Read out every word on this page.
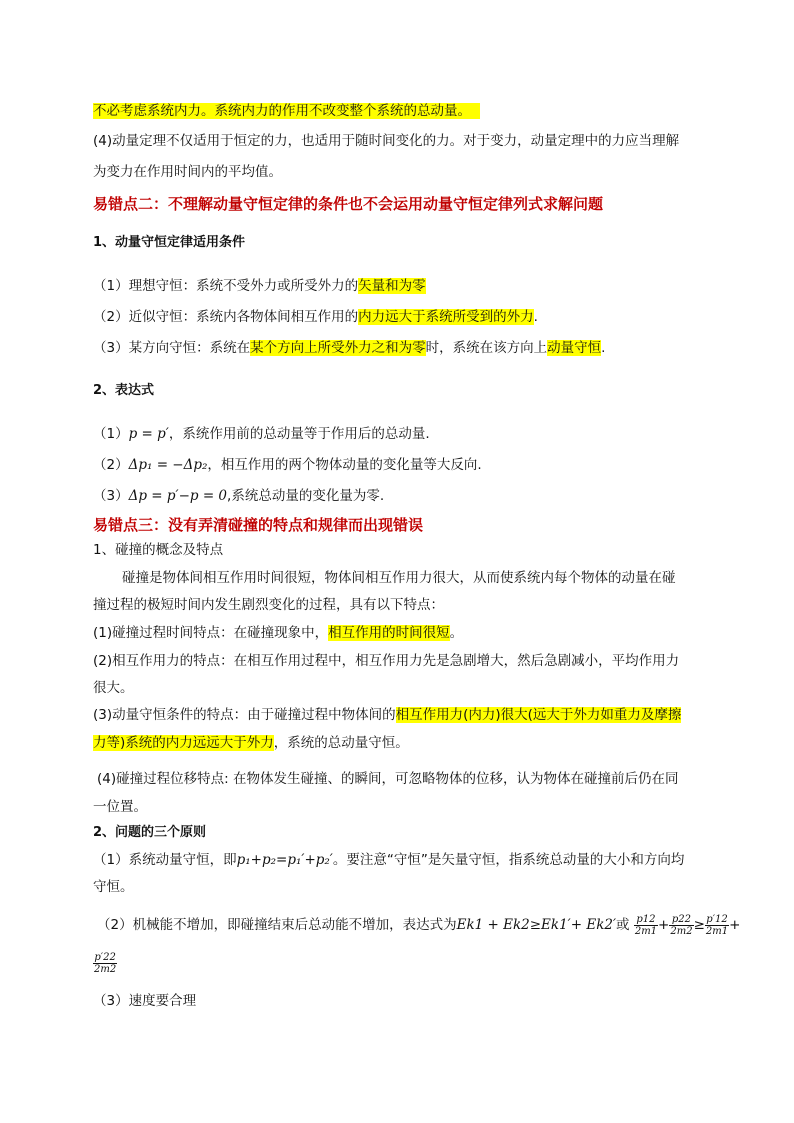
不必考虑系统内力。系统内力的作用不改变整个系统的总动量。
(4)动量定理不仅适用于恒定的力，也适用于随时间变化的力。对于变力，动量定理中的力应当理解
为变力在作用时间内的平均值。
易错点二：不理解动量守恒定律的条件也不会运用动量守恒定律列式求解问题
1、动量守恒定律适用条件
（1）理想守恒：系统不受外力或所受外力的矢量和为零
（2）近似守恒：系统内各物体间相互作用的内力远大于系统所受到的外力.
（3）某方向守恒：系统在某个方向上所受外力之和为零时，系统在该方向上动量守恒.
2、表达式
（1）p = p′，系统作用前的总动量等于作用后的总动量.
（2）Δp₁ = −Δp₂，相互作用的两个物体动量的变化量等大反向.
（3）Δp = p′−p = 0,系统总动量的变化量为零.
易错点三：没有弄清碰撞的特点和规律而出现错误
1、碰撞的概念及特点
碰撞是物体间相互作用时间很短，物体间相互作用力很大，从而使系统内每个物体的动量在碰
撞过程的极短时间内发生剧烈变化的过程，具有以下特点：
(1)碰撞过程时间特点：在碰撞现象中，相互作用的时间很短。
(2)相互作用力的特点：在相互作用过程中，相互作用力先是急剧增大，然后急剧减小，平均作用力
很大。
(3)动量守恒条件的特点：由于碰撞过程中物体间的相互作用力(内力)很大(远大于外力如重力及摩擦
力等)系统的内力远远大于外力，系统的总动量守恒。
(4)碰撞过程位移特点: 在物体发生碰撞、的瞬间，可忽略物体的位移，认为物体在碰撞前后仍在同
一位置。
2、问题的三个原则
（1）系统动量守恒，即p₁+p₂=p₁′+p₂′。要注意“守恒”是矢量守恒，指系统总动量的大小和方向均
守恒。
（2）机械能不增加，即碰撞结束后总动能不增加，表达式为Ek1 + Ek2≥Ek1′+ Ek2′或 $\frac{p12}{2m1} + \frac{p22}{2m2} \ge \frac{p'12}{2m1}$ +
$\frac{p'22}{2m2}$
（3）速度要合理
